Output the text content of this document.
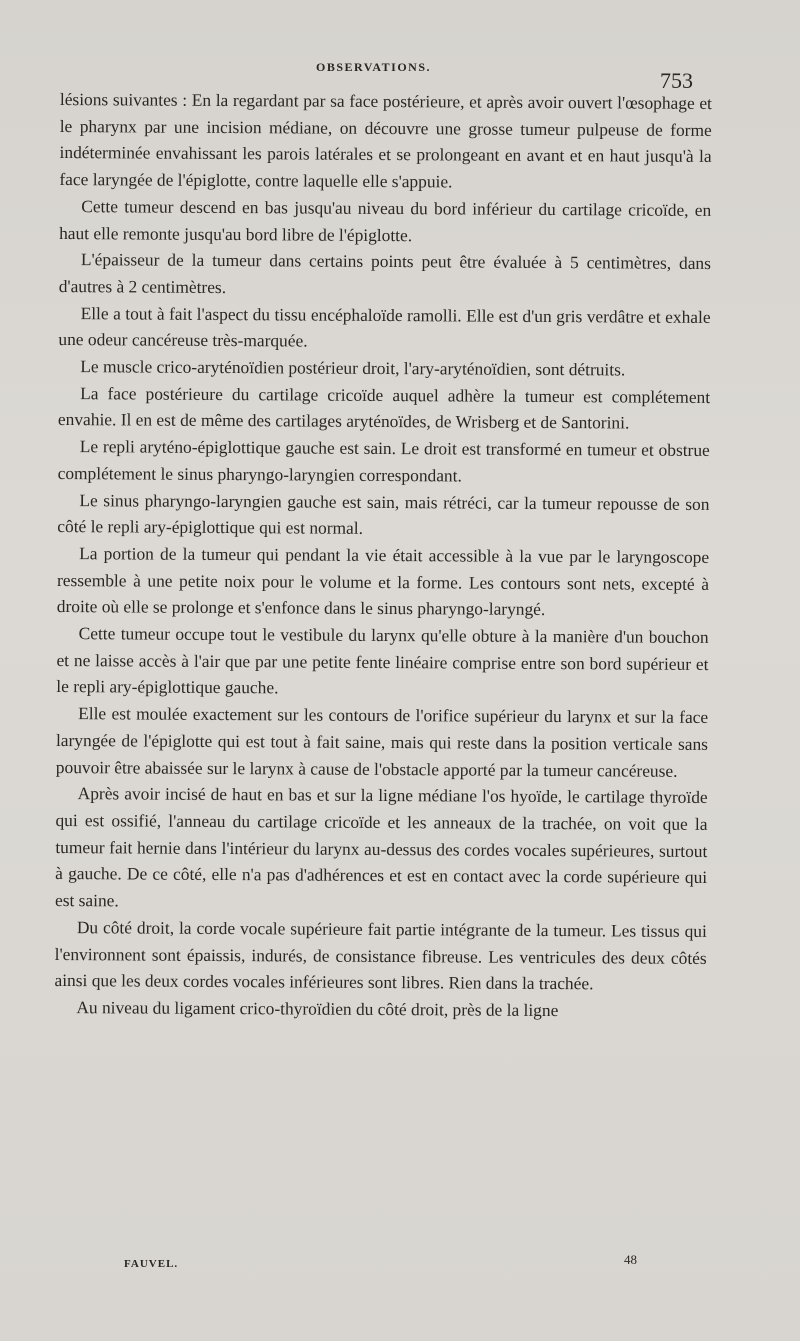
OBSERVATIONS.
753

lésions suivantes : En la regardant par sa face postérieure, et après avoir ouvert l'œsophage et le pharynx par une incision médiane, on découvre une grosse tumeur pulpeuse de forme indéterminée envahissant les parois latérales et se prolongeant en avant et en haut jusqu'à la face laryngée de l'épiglotte, contre laquelle elle s'appuie.

Cette tumeur descend en bas jusqu'au niveau du bord inférieur du cartilage cricoïde, en haut elle remonte jusqu'au bord libre de l'épiglotte.

L'épaisseur de la tumeur dans certains points peut être évaluée à 5 centimètres, dans d'autres à 2 centimètres.

Elle a tout à fait l'aspect du tissu encéphaloïde ramolli. Elle est d'un gris verdâtre et exhale une odeur cancéreuse très-marquée.

Le muscle crico-aryténoïdien postérieur droit, l'ary-aryténoïdien, sont détruits.

La face postérieure du cartilage cricoïde auquel adhère la tumeur est complétement envahie. Il en est de même des cartilages aryténoïdes, de Wrisberg et de Santorini.

Le repli aryténo-épiglottique gauche est sain. Le droit est transformé en tumeur et obstrue complétement le sinus pharyngo-laryngien correspondant.

Le sinus pharyngo-laryngien gauche est sain, mais rétréci, car la tumeur repousse de son côté le repli ary-épiglottique qui est normal.

La portion de la tumeur qui pendant la vie était accessible à la vue par le laryngoscope ressemble à une petite noix pour le volume et la forme. Les contours sont nets, excepté à droite où elle se prolonge et s'enfonce dans le sinus pharyngo-laryngé.

Cette tumeur occupe tout le vestibule du larynx qu'elle obture à la manière d'un bouchon et ne laisse accès à l'air que par une petite fente linéaire comprise entre son bord supérieur et le repli ary-épiglottique gauche.

Elle est moulée exactement sur les contours de l'orifice supérieur du larynx et sur la face laryngée de l'épiglotte qui est tout à fait saine, mais qui reste dans la position verticale sans pouvoir être abaissée sur le larynx à cause de l'obstacle apporté par la tumeur cancéreuse.

Après avoir incisé de haut en bas et sur la ligne médiane l'os hyoïde, le cartilage thyroïde qui est ossifié, l'anneau du cartilage cricoïde et les anneaux de la trachée, on voit que la tumeur fait hernie dans l'intérieur du larynx au-dessus des cordes vocales supérieures, surtout à gauche. De ce côté, elle n'a pas d'adhérences et est en contact avec la corde supérieure qui est saine.

Du côté droit, la corde vocale supérieure fait partie intégrante de la tumeur. Les tissus qui l'environnent sont épaissis, indurés, de consistance fibreuse. Les ventricules des deux côtés ainsi que les deux cordes vocales inférieures sont libres. Rien dans la trachée.

Au niveau du ligament crico-thyroïdien du côté droit, près de la ligne

FAUVEL.	48
